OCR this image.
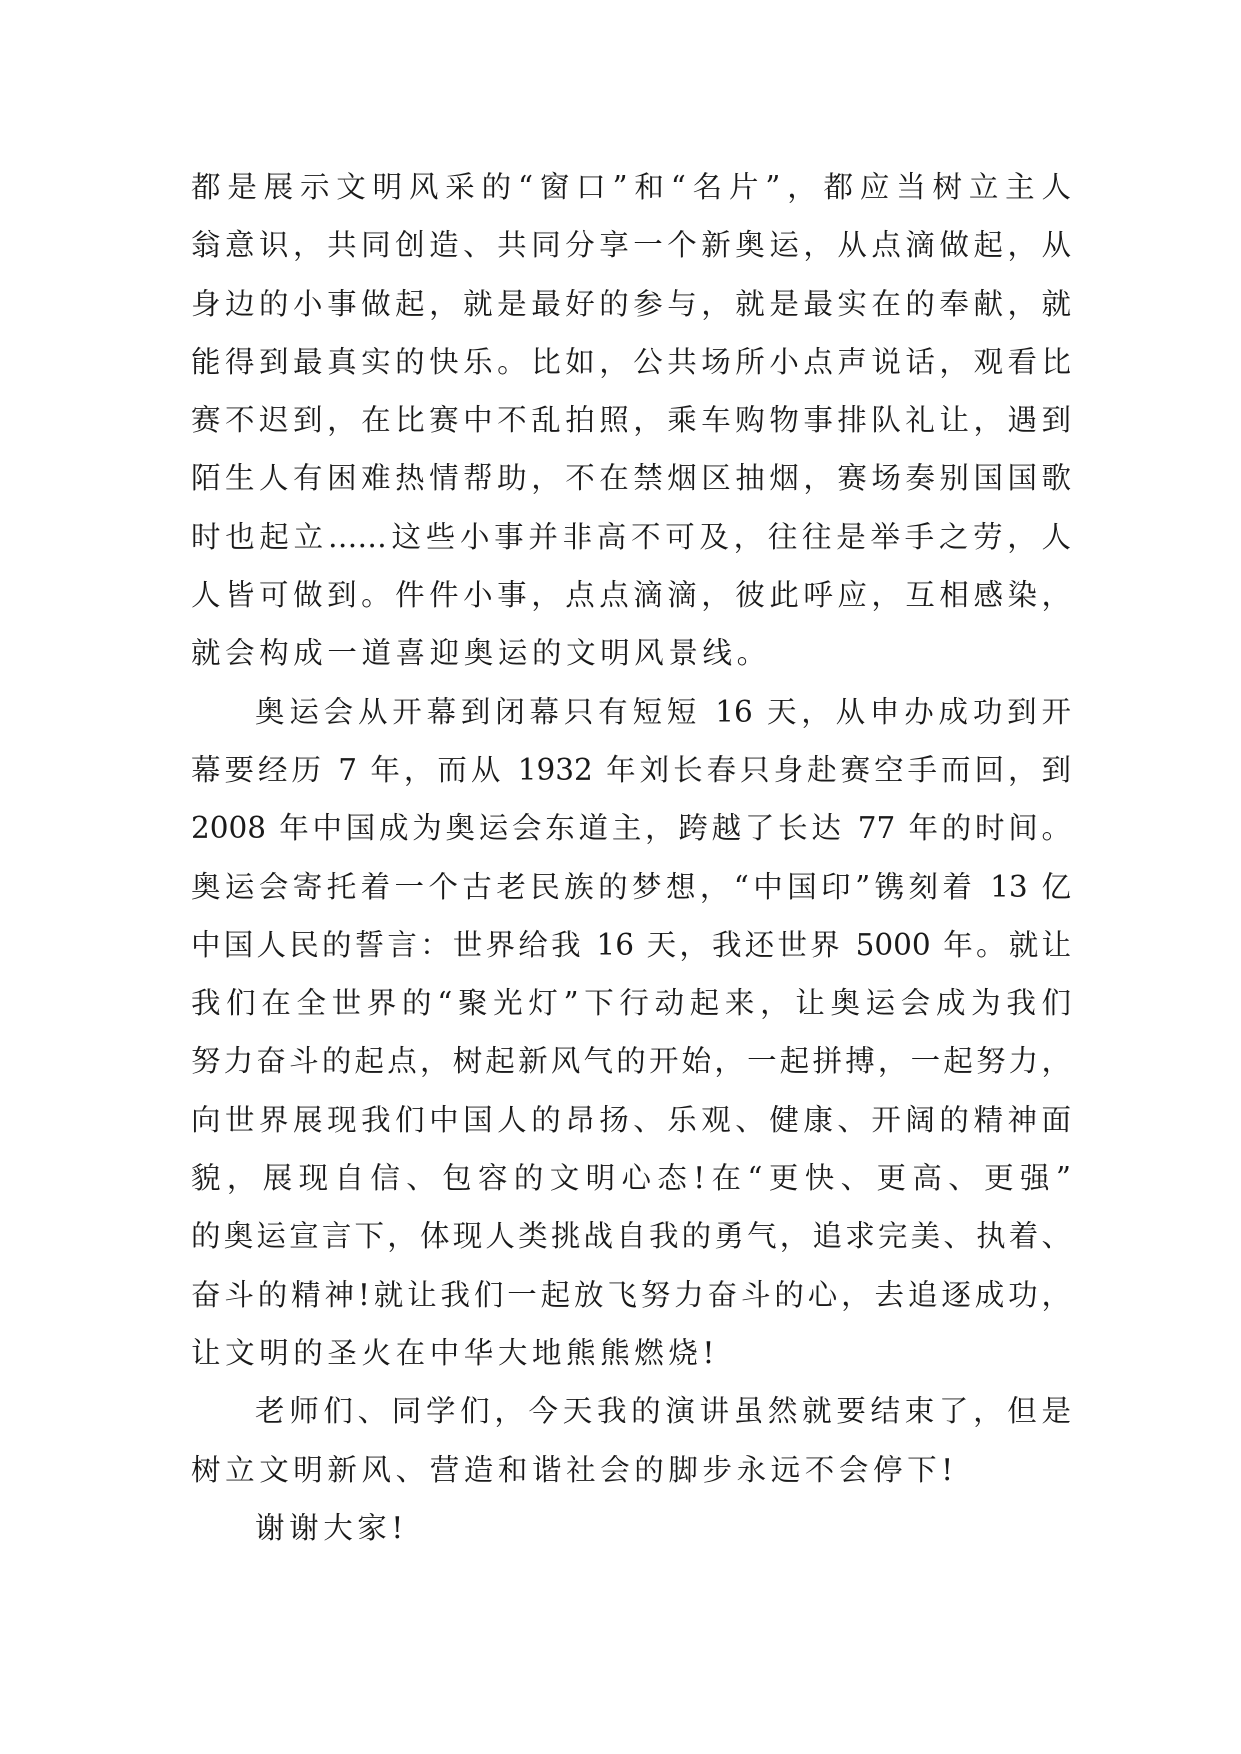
都是展示文明风采的“窗口”和“名片”，都应当树立主人
翁意识，共同创造、共同分享一个新奥运，从点滴做起，从
身边的小事做起，就是最好的参与，就是最实在的奉献，就
能得到最真实的快乐。比如，公共场所小点声说话，观看比
赛不迟到，在比赛中不乱拍照，乘车购物事排队礼让，遇到
陌生人有困难热情帮助，不在禁烟区抽烟，赛场奏别国国歌
时也起立……这些小事并非高不可及，往往是举手之劳，人
人皆可做到。件件小事，点点滴滴，彼此呼应，互相感染，
就会构成一道喜迎奥运的文明风景线。
奥运会从开幕到闭幕只有短短 16 天，从申办成功到开
幕要经历 7 年，而从 1932 年刘长春只身赴赛空手而回，到
2008 年中国成为奥运会东道主，跨越了长达 77 年的时间。
奥运会寄托着一个古老民族的梦想，“中国印”镌刻着 13 亿
中国人民的誓言：世界给我 16 天，我还世界 5000 年。就让
我们在全世界的“聚光灯”下行动起来，让奥运会成为我们
努力奋斗的起点，树起新风气的开始，一起拼搏，一起努力，
向世界展现我们中国人的昂扬、乐观、健康、开阔的精神面
貌，展现自信、包容的文明心态!在“更快、更高、更强”
的奥运宣言下，体现人类挑战自我的勇气，追求完美、执着、
奋斗的精神!就让我们一起放飞努力奋斗的心，去追逐成功，
让文明的圣火在中华大地熊熊燃烧!
老师们、同学们，今天我的演讲虽然就要结束了，但是
树立文明新风、营造和谐社会的脚步永远不会停下!
谢谢大家!
